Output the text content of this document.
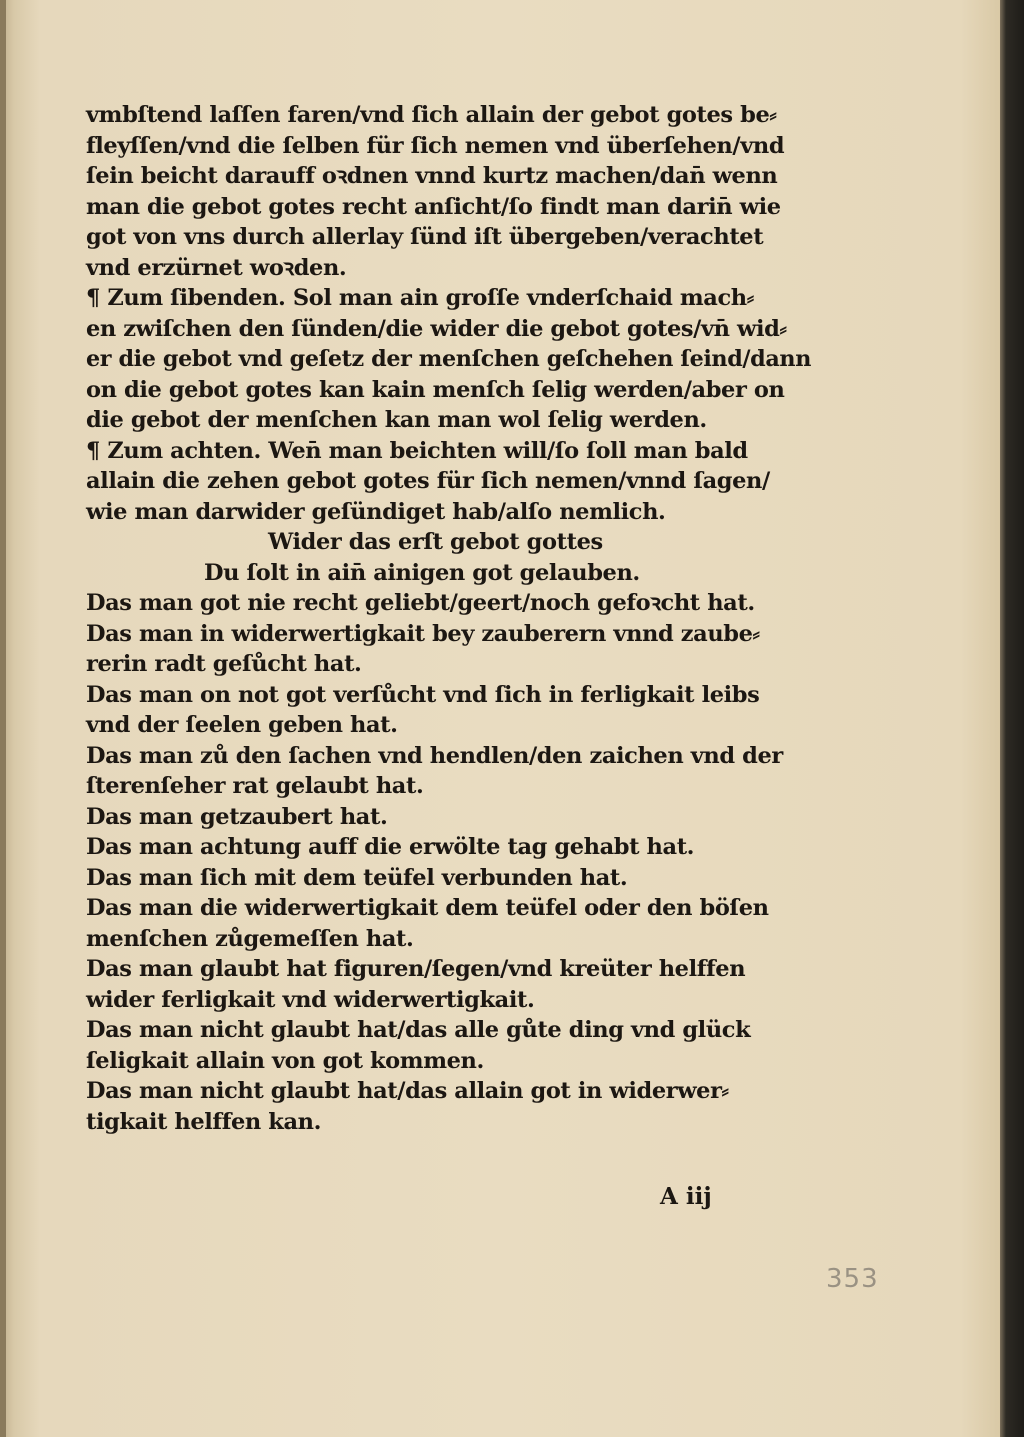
vmbſtend laſſen faren/vnd ſich allain der gebot gotes be⸗
fleyſſen/vnd die ſelben für ſich nemen vnd überſehen/vnd
ſein beicht darauff oꝛdnen vnnd kurtz machen/dan̄ wenn
man die gebot gotes recht anſicht/ſo findt man darin̄ wie
got von vns durch allerlay ſünd iſt übergeben/verachtet
vnd erzürnet woꝛden.
¶ Zum ſibenden. Sol man ain groſſe vnderſchaid mach⸗
en zwiſchen den ſünden/die wider die gebot gotes/vn̄ wid⸗
er die gebot vnd geſetz der menſchen geſchehen ſeind/dann
on die gebot gotes kan kain menſch ſelig werden/aber on
die gebot der menſchen kan man wol ſelig werden.
¶ Zum achten. Wen̄ man beichten will/ſo ſoll man bald
allain die zehen gebot gotes für ſich nemen/vnnd ſagen/
wie man darwider geſündiget hab/alſo nemlich.
Wider das erſt gebot gottes
Du ſolt in ain̄ ainigen got gelauben.
Das man got nie recht geliebt/geert/noch gefoꝛcht hat.
Das man in widerwertigkait bey zauberern vnnd zaube⸗
rerin radt geſůcht hat.
Das man on not got verſůcht vnd ſich in ferligkait leibs
vnd der ſeelen geben hat.
Das man zů den ſachen vnd hendlen/den zaichen vnd der
ſterenſeher rat gelaubt hat.
Das man getzaubert hat.
Das man achtung auff die erwölte tag gehabt hat.
Das man ſich mit dem teüfel verbunden hat.
Das man die widerwertigkait dem teüfel oder den böſen
menſchen zůgemeſſen hat.
Das man glaubt hat figuren/ſegen/vnd kreüter helffen
wider ferligkait vnd widerwertigkait.
Das man nicht glaubt hat/das alle gůte ding vnd glück
ſeligkait allain von got kommen.
Das man nicht glaubt hat/das allain got in widerwer⸗
tigkait helffen kan.
A iij
353
